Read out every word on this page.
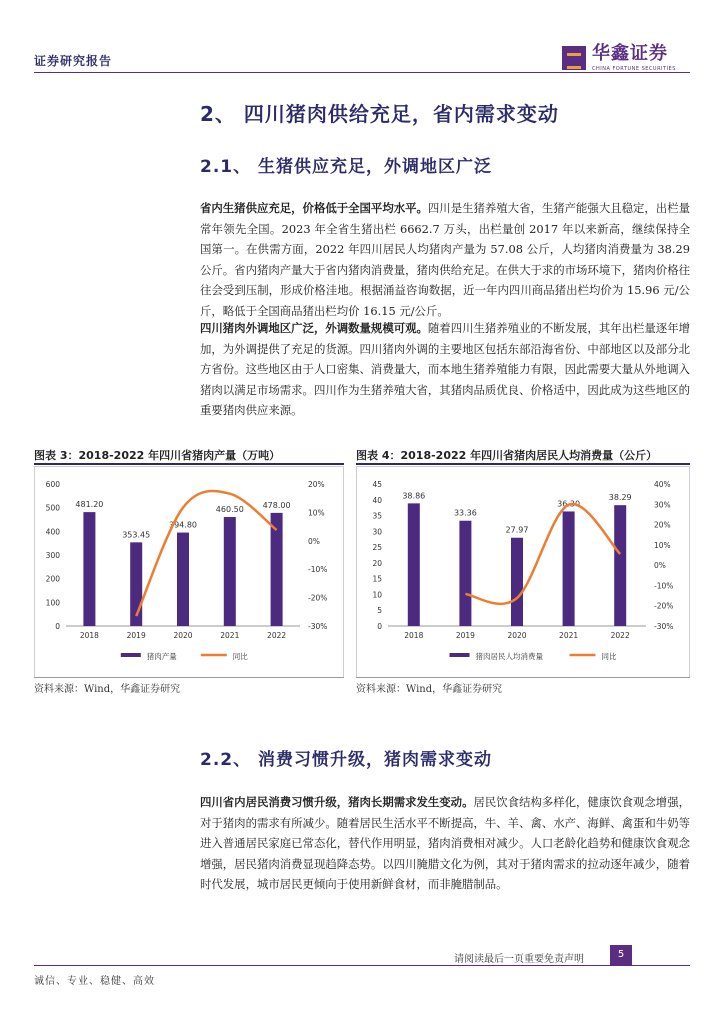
证券研究报告	华鑫证券
CHINA FORTUNE SECURITIES
2、 四川猪肉供给充足，省内需求变动
2.1、 生猪供应充足，外调地区广泛
省内生猪供应充足，价格低于全国平均水平。四川是生猪养殖大省，生猪产能强大且稳定，出栏量常年领先全国。2023 年全省生猪出栏 6662.7 万头，出栏量创 2017 年以来新高，继续保持全国第一。在供需方面，2022 年四川居民人均猪肉产量为 57.08 公斤，人均猪肉消费量为 38.29 公斤。省内猪肉产量大于省内猪肉消费量，猪肉供给充足。在供大于求的市场环境下，猪肉价格往往会受到压制，形成价格洼地。根据涌益咨询数据，近一年内四川商品猪出栏均价为 15.96 元/公斤，略低于全国商品猪出栏均价 16.15 元/公斤。
四川猪肉外调地区广泛，外调数量规模可观。随着四川生猪养殖业的不断发展，其年出栏量逐年增加，为外调提供了充足的货源。四川猪肉外调的主要地区包括东部沿海省份、中部地区以及部分北方省份。这些地区由于人口密集、消费量大，而本地生猪养殖能力有限，因此需要大量从外地调入猪肉以满足市场需求。四川作为生猪养殖大省，其猪肉品质优良、价格适中，因此成为这些地区的重要猪肉供应来源。
图表 3：2018-2022 年四川省猪肉产量（万吨）
0
100
200
300
400
500
600
-30%
-20%
-10%
0%
10%
20%
481.20
2018
353.45
2019
394.80
2020
460.50
2021
478.00
2022
猪肉产量	同比
资料来源：Wind，华鑫证券研究
图表 4：2018-2022 年四川省猪肉居民人均消费量（公斤）
0
5
10
15
20
25
30
35
40
45
-30%
-20%
-10%
0%
10%
20%
30%
40%
38.86
2018
33.36
2019
27.97
2020
36.30
2021
38.29
2022
猪肉居民人均消费量	同比
资料来源：Wind，华鑫证券研究
2.2、 消费习惯升级，猪肉需求变动
四川省内居民消费习惯升级，猪肉长期需求发生变动。居民饮食结构多样化，健康饮食观念增强，对于猪肉的需求有所减少。随着居民生活水平不断提高，牛、羊、禽、水产、海鲜、禽蛋和牛奶等进入普通居民家庭已常态化，替代作用明显，猪肉消费相对减少。人口老龄化趋势和健康饮食观念增强，居民猪肉消费显现趋降态势。以四川腌腊文化为例，其对于猪肉需求的拉动逐年减少，随着时代发展，城市居民更倾向于使用新鲜食材，而非腌腊制品。
请阅读最后一页重要免责声明	5
诚信、专业、稳健、高效
